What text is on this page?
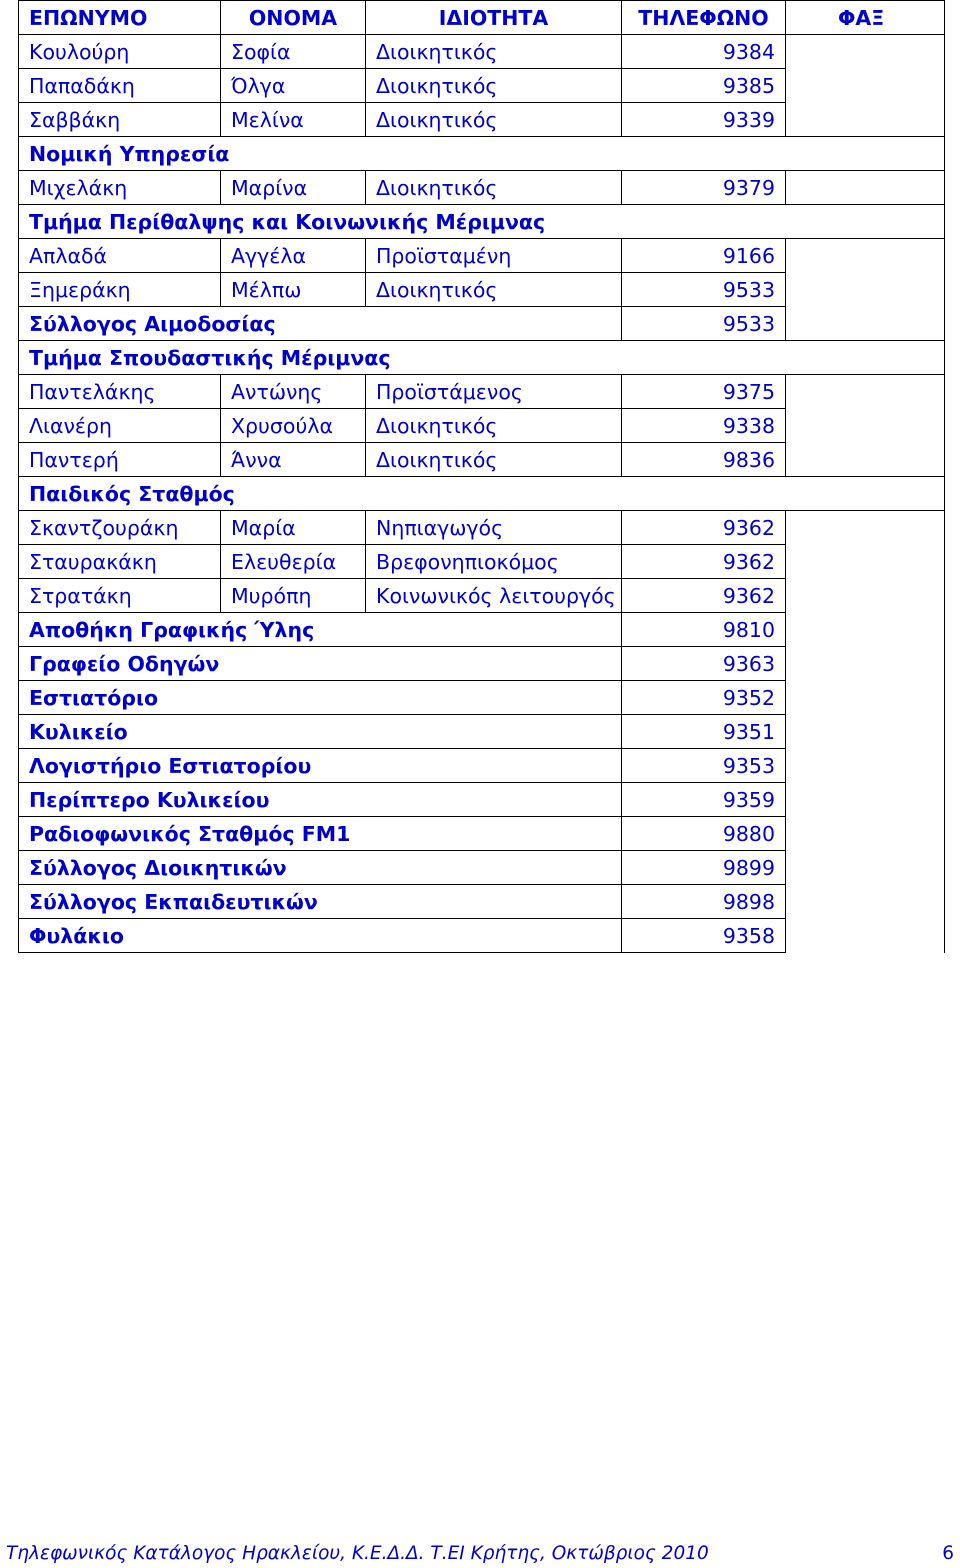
ΕΠΩΝΥΜΟ	ΟΝΟΜΑ	ΙΔΙΟΤΗΤΑ	ΤΗΛΕΦΩΝΟ	ΦΑΞ
Κουλούρη	Σοφία	Διοικητικός	9384	
Παπαδάκη	Όλγα	Διοικητικός	9385	
Σαββάκη	Μελίνα	Διοικητικός	9339	
Νομική Υπηρεσία				
Μιχελάκη	Μαρίνα	Διοικητικός	9379	
Τμήμα Περίθαλψης και Κοινωνικής Μέριμνας				
Απλαδά	Αγγέλα	Προϊσταμένη	9166	
Ξημεράκη	Μέλπω	Διοικητικός	9533	
Σύλλογος Αιμοδοσίας			9533	
Τμήμα Σπουδαστικής Μέριμνας				
Παντελάκης	Αντώνης	Προϊστάμενος	9375	
Λιανέρη	Χρυσούλα	Διοικητικός	9338	
Παντερή	Άννα	Διοικητικός	9836	
Παιδικός Σταθμός				
Σκαντζουράκη	Μαρία	Νηπιαγωγός	9362	
Σταυρακάκη	Ελευθερία	Βρεφονηπιοκόμος	9362	
Στρατάκη	Μυρόπη	Κοινωνικός λειτουργός	9362	
Αποθήκη Γραφικής Ύλης			9810	
Γραφείο Οδηγών			9363	
Εστιατόριο			9352	
Κυλικείο			9351	
Λογιστήριο Εστιατορίου			9353	
Περίπτερο Κυλικείου			9359	
Ραδιοφωνικός Σταθμός FM1			9880	
Σύλλογος Διοικητικών			9899	
Σύλλογος Εκπαιδευτικών			9898	
Φυλάκιο			9358	
Τηλεφωνικός Κατάλογος Ηρακλείου, Κ.Ε.Δ.Δ. Τ.ΕΙ Κρήτης, Οκτώβριος 2010	6
